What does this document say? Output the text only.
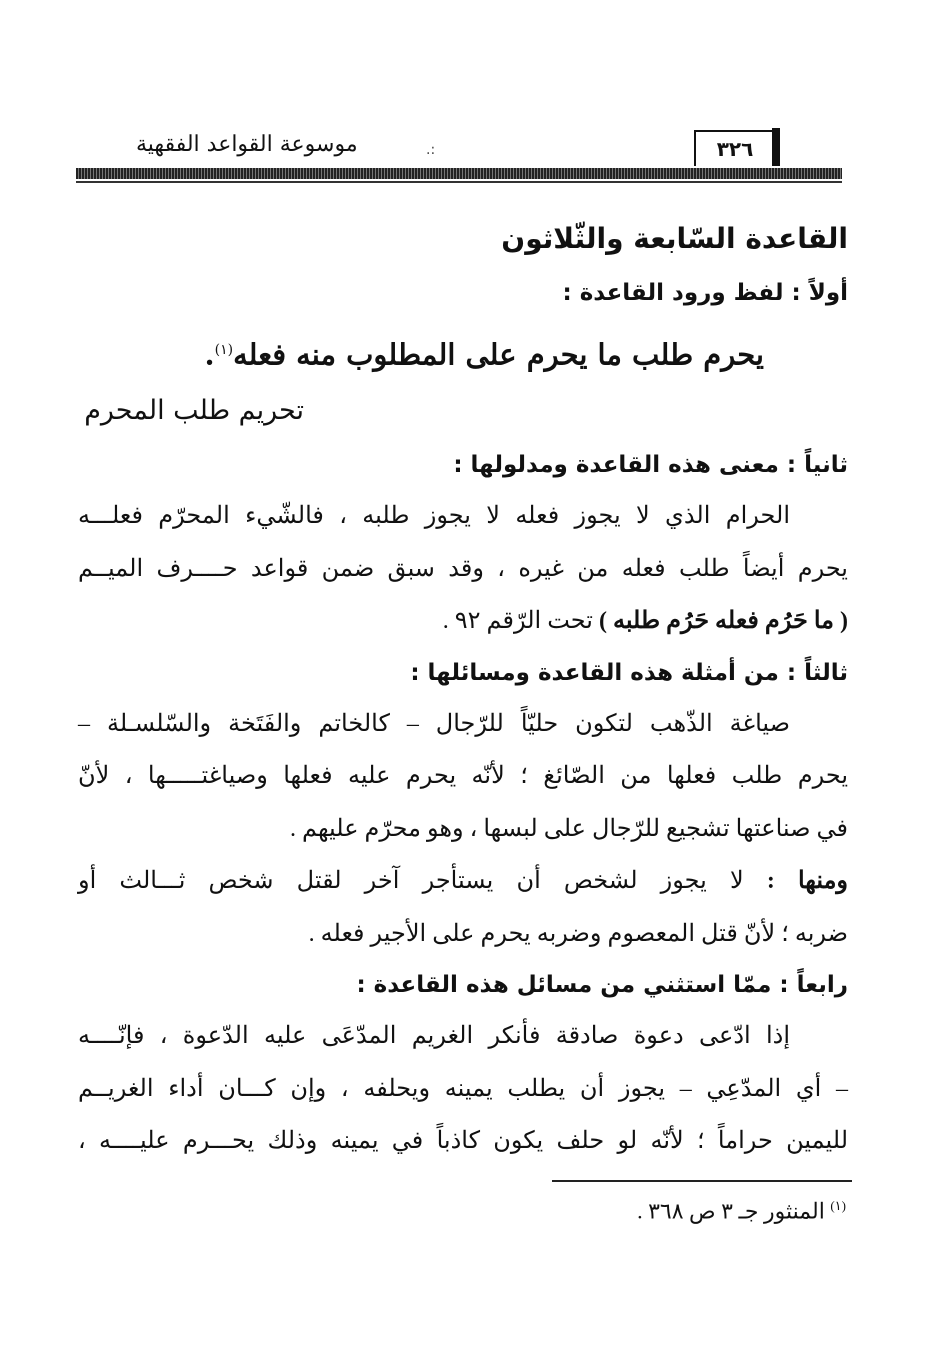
موسوعة القواعد الفقهية	.:	٣٢٦
القاعدة السّابعة والثّلاثون
أولاً : لفظ ورود القاعدة :
يحرم طلب ما يحرم على المطلوب منه فعله$^{(١)}$.
تحريم طلب المحرم
ثانياً : معنى هذه القاعدة ومدلولها :
الحرام الذي لا يجوز فعله لا يجوز طلبه ، فالشّيء المحرّم فعلـــه
يحرم أيضاً طلب فعله من غيره ، وقد سبق ضمن قواعد حــــرف الميــم
( ما حَرُم فعله حَرُم طلبه ) تحت الرّقم ٩٢ .
ثالثاً : من أمثلة هذه القاعدة ومسائلها :
صياغة الذّهب لتكون حليّاً للرّجال – كالخاتم والفَتَخة والسّلسـلة –
يحرم طلب فعلها من الصّائغ ؛ لأنّه يحرم عليه فعلها وصياغتـــــها ، لأنّ
في صناعتها تشجيع للرّجال على لبسها ، وهو محرّم عليهم .
ومنها : لا يجوز لشخص أن يستأجر آخر لقتل شخص ثـــالث أو
ضربه ؛ لأنّ قتل المعصوم وضربه يحرم على الأجير فعله .
رابعاً : ممّا استثني من مسائل هذه القاعدة :
إذا ادّعى دعوة صادقة فأنكر الغريم المدّعَى عليه الدّعوة ، فإنّــــه
– أي المدّعِي – يجوز أن يطلب يمينه ويحلفه ، وإن كـــان أداء الغريــم
لليمين حراماً ؛ لأنّه لو حلف يكون كاذباً في يمينه وذلك يحـــرم عليــــه ،
$^{(١)}$ المنثور جـ ٣ ص ٣٦٨ .
